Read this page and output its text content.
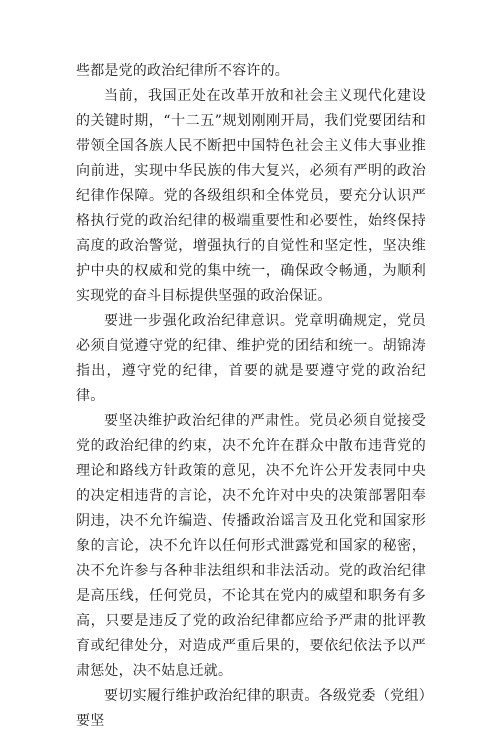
些都是党的政治纪律所不容许的。

当前，我国正处在改革开放和社会主义现代化建设的关键时期，“十二五”规划刚刚开局，我们党要团结和带领全国各族人民不断把中国特色社会主义伟大事业推向前进，实现中华民族的伟大复兴，必须有严明的政治纪律作保障。党的各级组织和全体党员，要充分认识严格执行党的政治纪律的极端重要性和必要性，始终保持高度的政治警觉，增强执行的自觉性和坚定性，坚决维护中央的权威和党的集中统一，确保政令畅通，为顺利实现党的奋斗目标提供坚强的政治保证。

要进一步强化政治纪律意识。党章明确规定，党员必须自觉遵守党的纪律、维护党的团结和统一。胡锦涛指出，遵守党的纪律，首要的就是要遵守党的政治纪律。

要坚决维护政治纪律的严肃性。党员必须自觉接受党的政治纪律的约束，决不允许在群众中散布违背党的理论和路线方针政策的意见，决不允许公开发表同中央的决定相违背的言论，决不允许对中央的决策部署阳奉阴违，决不允许编造、传播政治谣言及丑化党和国家形象的言论，决不允许以任何形式泄露党和国家的秘密，决不允许参与各种非法组织和非法活动。党的政治纪律是高压线，任何党员，不论其在党内的威望和职务有多高，只要是违反了党的政治纪律都应给予严肃的批评教育或纪律处分，对造成严重后果的，要依纪依法予以严肃惩处，决不姑息迁就。

要切实履行维护政治纪律的职责。各级党委（党组）要坚
